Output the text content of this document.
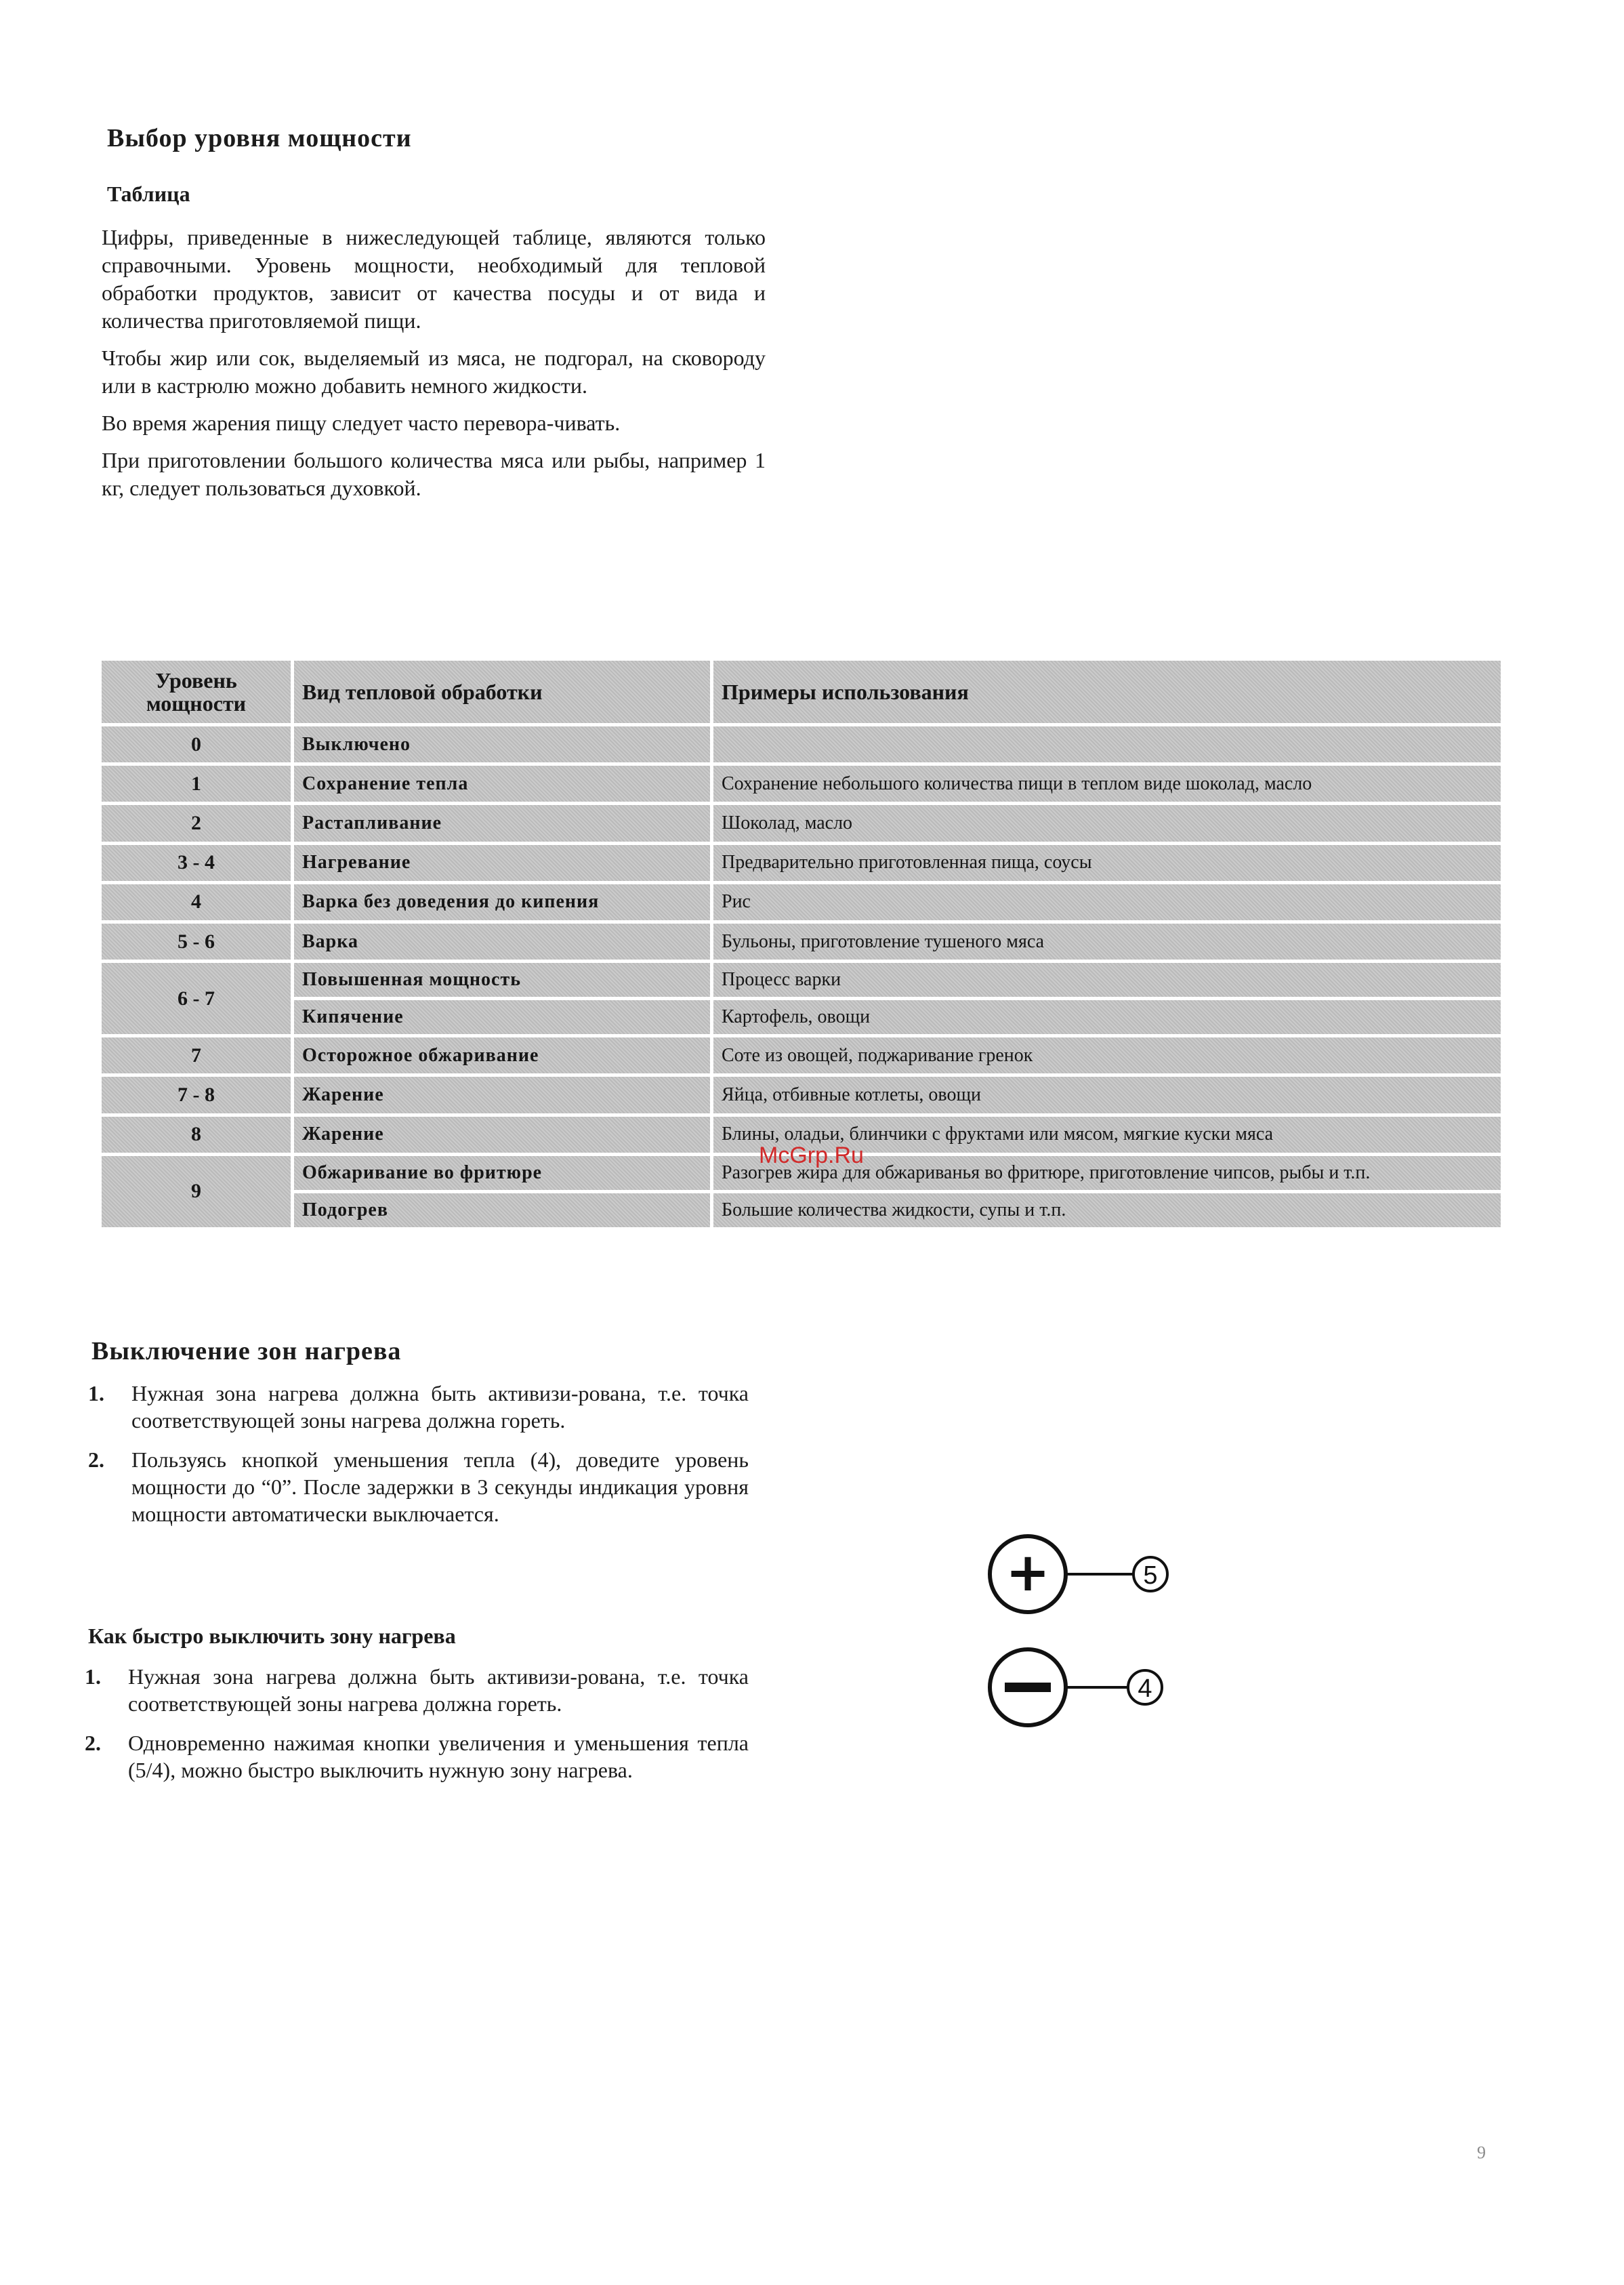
Выбор уровня мощности
Таблица

Цифры, приведенные в нижеследующей таблице, являются только справочными. Уровень мощности, необходимый для тепловой обработки продуктов, зависит от качества посуды и от вида и количества приготовляемой пищи.

Чтобы жир или сок, выделяемый из мяса, не подгорал, на сковороду или в кастрюлю можно добавить немного жидкости.

Во время жарения пищу следует часто перевора-чивать.

При приготовлении большого количества мяса или рыбы, например 1 кг, следует пользоваться духовкой.

Уровень мощности	Вид тепловой обработки	Примеры использования
0	Выключено	
1	Сохранение тепла	Сохранение небольшого количества пищи в теплом виде шоколад, масло
2	Растапливание	Шоколад, масло
3 - 4	Нагревание	Предварительно приготовленная пища, соусы
4	Варка без доведения до кипения	Рис
5 - 6	Варка	Бульоны, приготовление тушеного мяса
6 - 7	Повышенная мощность	Процесс варки
	Кипячение	Картофель, овощи
7	Осторожное обжаривание	Соте из овощей, поджаривание гренок
7 - 8	Жарение	Яйца, отбивные котлеты, овощи
8	Жарение	Блины, оладьи, блинчики с фруктами или мясом, мягкие куски мяса
9	Обжаривание во фритюре	Разогрев жира для обжариванья во фритюре, приготовление чипсов, рыбы и т.п.
	Подогрев	Большие количества жидкости, супы и т.п.
McGrp.Ru
Выключение зон нагрева
1. Нужная зона нагрева должна быть активизи-рована, т.е. точка соответствующей зоны нагрева должна гореть.
2. Пользуясь кнопкой уменьшения тепла (4), доведите уровень мощности до “0”. После задержки в 3 секунды индикация уровня мощности автоматически выключается.
Как быстро выключить зону нагрева
1. Нужная зона нагрева должна быть активизи-рована, т.е. точка соответствующей зоны нагрева должна гореть.
2. Одновременно нажимая кнопки увеличения и уменьшения тепла (5/4), можно быстро выключить нужную зону нагрева.
+	5
4
9
